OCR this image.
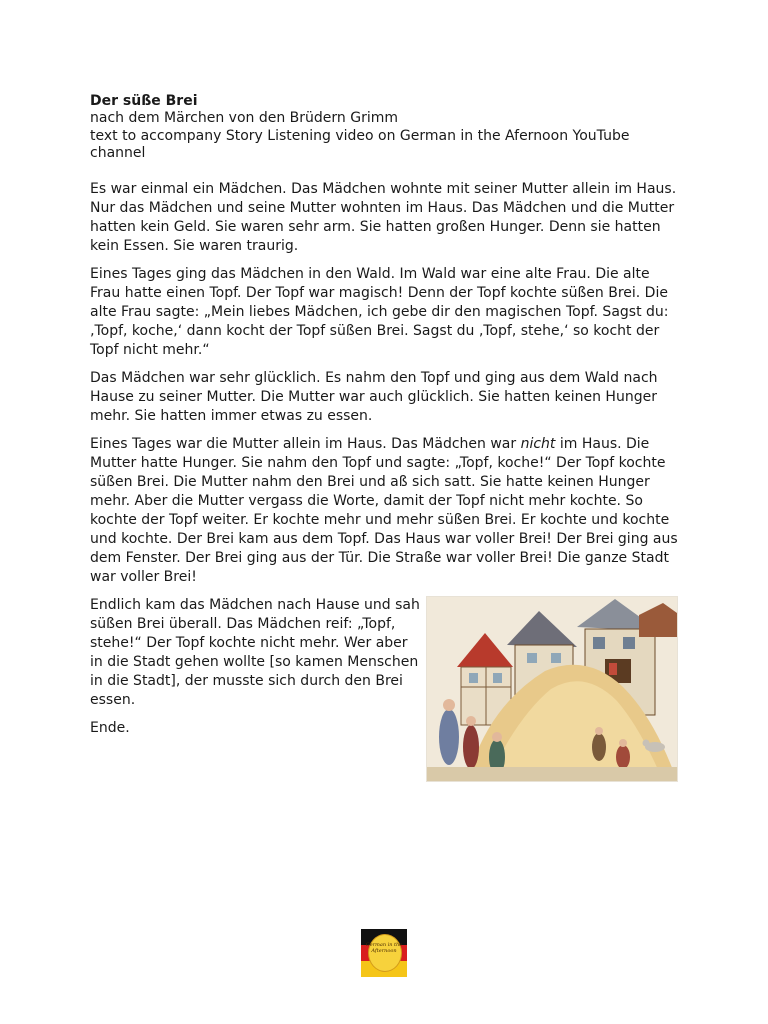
Der süße Brei

nach dem Märchen von den Brüdern Grimm

text to accompany Story Listening video on German in the Afernoon YouTube channel

Es war einmal ein Mädchen. Das Mädchen wohnte mit seiner Mutter allein im Haus. Nur das Mädchen und seine Mutter wohnten im Haus. Das Mädchen und die Mutter hatten kein Geld. Sie waren sehr arm. Sie hatten großen Hunger. Denn sie hatten kein Essen. Sie waren traurig.

Eines Tages ging das Mädchen in den Wald. Im Wald war eine alte Frau. Die alte Frau hatte einen Topf. Der Topf war magisch! Denn der Topf kochte süßen Brei. Die alte Frau sagte: „Mein liebes Mädchen, ich gebe dir den magischen Topf. Sagst du: ‚Topf, koche,‘ dann kocht der Topf süßen Brei. Sagst du ‚Topf, stehe,‘ so kocht der Topf nicht mehr.“

Das Mädchen war sehr glücklich. Es nahm den Topf und ging aus dem Wald nach Hause zu seiner Mutter. Die Mutter war auch glücklich. Sie hatten keinen Hunger mehr. Sie hatten immer etwas zu essen.

Eines Tages war die Mutter allein im Haus. Das Mädchen war nicht im Haus. Die Mutter hatte Hunger. Sie nahm den Topf und sagte: „Topf, koche!“ Der Topf kochte süßen Brei. Die Mutter nahm den Brei und aß sich satt. Sie hatte keinen Hunger mehr. Aber die Mutter vergass die Worte, damit der Topf nicht mehr kochte. So kochte der Topf weiter. Er kochte mehr und mehr süßen Brei. Er kochte und kochte und kochte. Der Brei kam aus dem Topf. Das Haus war voller Brei! Der Brei ging aus dem Fenster. Der Brei ging aus der Tür. Die Straße war voller Brei! Die ganze Stadt war voller Brei!

Endlich kam das Mädchen nach Hause und sah süßen Brei überall. Das Mädchen reif: „Topf, stehe!“ Der Topf kochte nicht mehr. Wer aber in die Stadt gehen wollte [so kamen Menschen in die Stadt], der musste sich durch den Brei essen.

Ende.

German in the Afternoon
